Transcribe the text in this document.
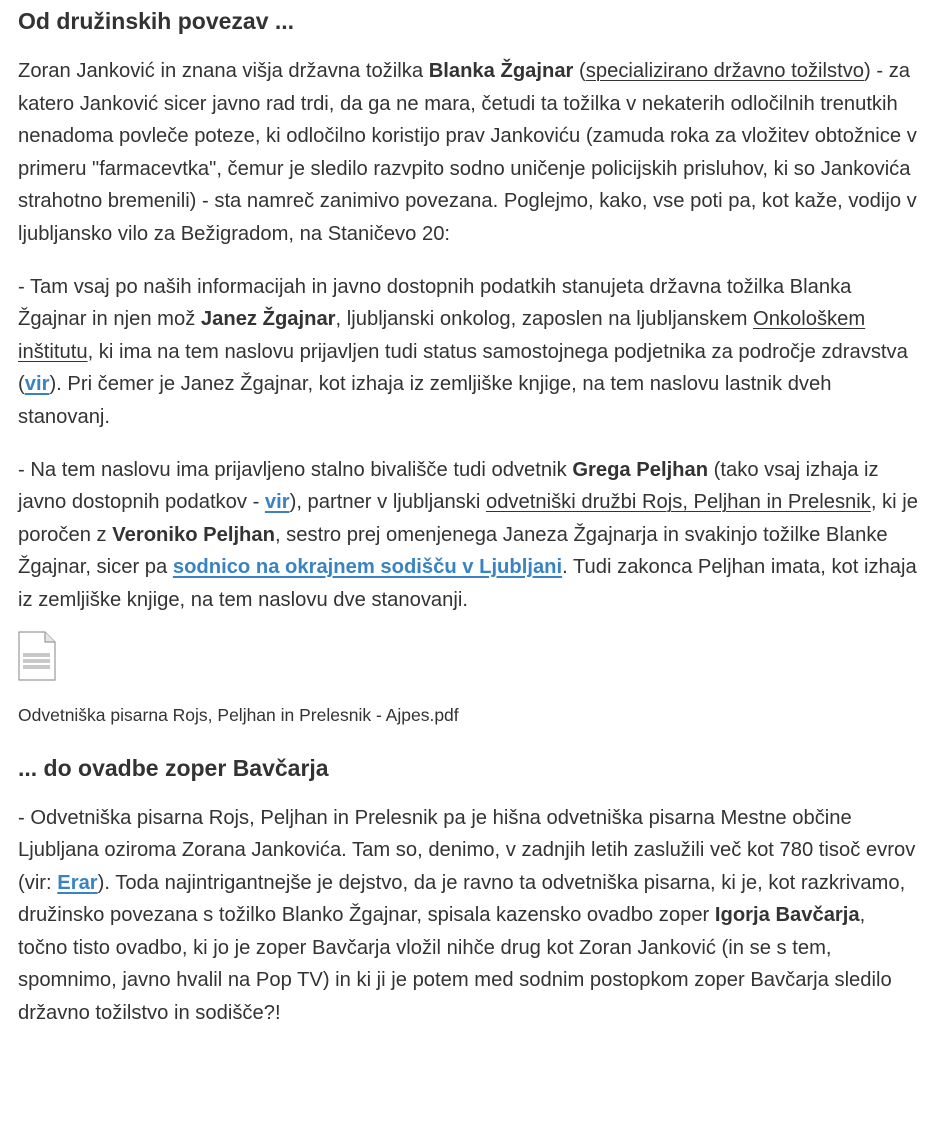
Od družinskih povezav ...

Zoran Janković in znana višja državna tožilka Blanka Žgajnar (specializirano državno tožilstvo) - za katero Janković sicer javno rad trdi, da ga ne mara, četudi ta tožilka v nekaterih odločilnih trenutkih nenadoma povleče poteze, ki odločilno koristijo prav Jankoviću (zamuda roka za vložitev obtožnice v primeru "farmacevtka", čemur je sledilo razvpito sodno uničenje policijskih prisluhov, ki so Jankovića strahotno bremenili) - sta namreč zanimivo povezana. Poglejmo, kako, vse poti pa, kot kaže, vodijo v ljubljansko vilo za Bežigradom, na Staničevo 20:

- Tam vsaj po naših informacijah in javno dostopnih podatkih stanujeta državna tožilka Blanka Žgajnar in njen mož Janez Žgajnar, ljubljanski onkolog, zaposlen na ljubljanskem Onkološkem inštitutu, ki ima na tem naslovu prijavljen tudi status samostojnega podjetnika za področje zdravstva (vir). Pri čemer je Janez Žgajnar, kot izhaja iz zemljiške knjige, na tem naslovu lastnik dveh stanovanj.

- Na tem naslovu ima prijavljeno stalno bivališče tudi odvetnik Grega Peljhan (tako vsaj izhaja iz javno dostopnih podatkov - vir), partner v ljubljanski odvetniški družbi Rojs, Peljhan in Prelesnik, ki je poročen z Veroniko Peljhan, sestro prej omenjenega Janeza Žgajnarja in svakinjo tožilke Blanke Žgajnar, sicer pa sodnico na okrajnem sodišču v Ljubljani. Tudi zakonca Peljhan imata, kot izhaja iz zemljiške knjige, na tem naslovu dve stanovanji.

Odvetniška pisarna Rojs, Peljhan in Prelesnik - Ajpes.pdf
... do ovadbe zoper Bavčarja

- Odvetniška pisarna Rojs, Peljhan in Prelesnik pa je hišna odvetniška pisarna Mestne občine Ljubljana oziroma Zorana Jankovića. Tam so, denimo, v zadnjih letih zaslužili več kot 780 tisoč evrov (vir: Erar). Toda najintrigantnejše je dejstvo, da je ravno ta odvetniška pisarna, ki je, kot razkrivamo, družinsko povezana s tožilko Blanko Žgajnar, spisala kazensko ovadbo zoper Igorja Bavčarja, točno tisto ovadbo, ki jo je zoper Bavčarja vložil nihče drug kot Zoran Janković (in se s tem, spomnimo, javno hvalil na Pop TV) in ki ji je potem med sodnim postopkom zoper Bavčarja sledilo državno tožilstvo in sodišče?!
